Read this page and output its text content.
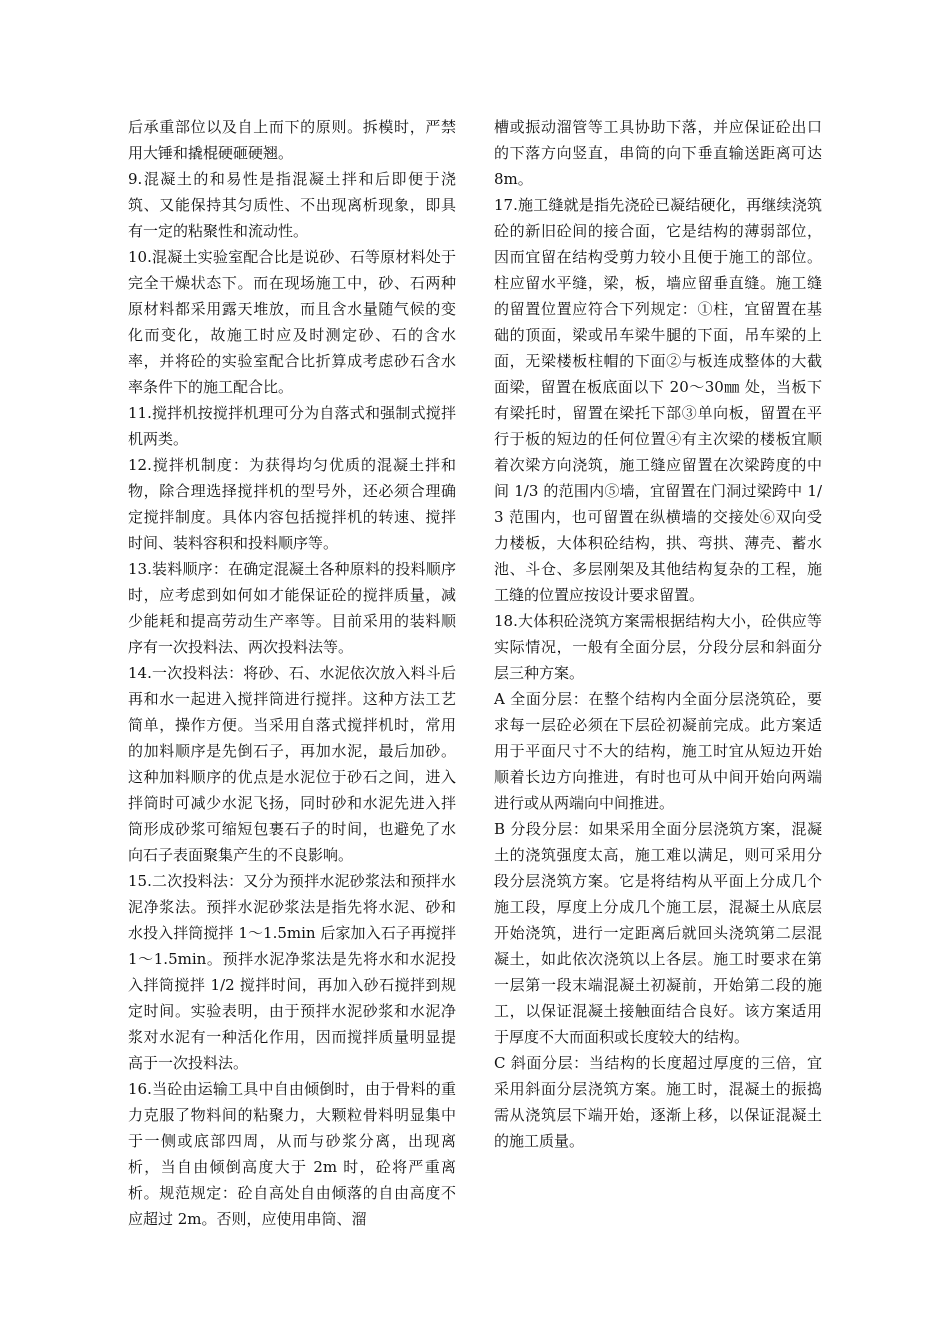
后承重部位以及自上而下的原则。拆模时，严禁用大锤和撬棍硬砸硬翘。

9.混凝土的和易性是指混凝土拌和后即便于浇筑、又能保持其匀质性、不出现离析现象，即具有一定的粘聚性和流动性。

10.混凝土实验室配合比是说砂、石等原材料处于完全干燥状态下。而在现场施工中，砂、石两种原材料都采用露天堆放，而且含水量随气候的变化而变化，故施工时应及时测定砂、石的含水率，并将砼的实验室配合比折算成考虑砂石含水率条件下的施工配合比。

11.搅拌机按搅拌机理可分为自落式和强制式搅拌机两类。

12.搅拌机制度：为获得均匀优质的混凝土拌和物，除合理选择搅拌机的型号外，还必须合理确定搅拌制度。具体内容包括搅拌机的转速、搅拌时间、装料容积和投料顺序等。

13.装料顺序：在确定混凝土各种原料的投料顺序时，应考虑到如何如才能保证砼的搅拌质量，减少能耗和提高劳动生产率等。目前采用的装料顺序有一次投料法、两次投料法等。

14.一次投料法：将砂、石、水泥依次放入料斗后再和水一起进入搅拌筒进行搅拌。这种方法工艺简单，操作方便。当采用自落式搅拌机时，常用的加料顺序是先倒石子，再加水泥，最后加砂。这种加料顺序的优点是水泥位于砂石之间，进入拌筒时可减少水泥飞扬，同时砂和水泥先进入拌筒形成砂浆可缩短包裹石子的时间，也避免了水向石子表面聚集产生的不良影响。

15.二次投料法：又分为预拌水泥砂浆法和预拌水泥净浆法。预拌水泥砂浆法是指先将水泥、砂和水投入拌筒搅拌 1～1.5min 后家加入石子再搅拌 1～1.5min。预拌水泥净浆法是先将水和水泥投入拌筒搅拌 1/2 搅拌时间，再加入砂石搅拌到规定时间。实验表明，由于预拌水泥砂浆和水泥净浆对水泥有一种活化作用，因而搅拌质量明显提高于一次投料法。

16.当砼由运输工具中自由倾倒时，由于骨料的重力克服了物料间的粘聚力，大颗粒骨料明显集中于一侧或底部四周，从而与砂浆分离，出现离析，当自由倾倒高度大于 2m 时，砼将严重离析。规范规定：砼自高处自由倾落的自由高度不应超过 2m。否则，应使用串筒、溜

槽或振动溜管等工具协助下落，并应保证砼出口的下落方向竖直，串筒的向下垂直输送距离可达 8m。

17.施工缝就是指先浇砼已凝结硬化，再继续浇筑砼的新旧砼间的接合面，它是结构的薄弱部位，因而宜留在结构受剪力较小且便于施工的部位。柱应留水平缝，梁，板，墙应留垂直缝。施工缝的留置位置应符合下列规定：①柱，宜留置在基础的顶面，梁或吊车梁牛腿的下面，吊车梁的上面，无梁楼板柱帽的下面②与板连成整体的大截面梁，留置在板底面以下 20～30㎜ 处，当板下有梁托时，留置在梁托下部③单向板，留置在平行于板的短边的任何位置④有主次梁的楼板宜顺着次梁方向浇筑，施工缝应留置在次梁跨度的中间 1/3 的范围内⑤墙，宜留置在门洞过梁跨中 1/3 范围内，也可留置在纵横墙的交接处⑥双向受力楼板，大体积砼结构，拱、弯拱、薄壳、蓄水池、斗仓、多层刚架及其他结构复杂的工程，施工缝的位置应按设计要求留置。

18.大体积砼浇筑方案需根据结构大小，砼供应等实际情况，一般有全面分层，分段分层和斜面分层三种方案。

A 全面分层：在整个结构内全面分层浇筑砼，要求每一层砼必须在下层砼初凝前完成。此方案适用于平面尺寸不大的结构，施工时宜从短边开始顺着长边方向推进，有时也可从中间开始向两端进行或从两端向中间推进。

B 分段分层：如果采用全面分层浇筑方案，混凝土的浇筑强度太高，施工难以满足，则可采用分段分层浇筑方案。它是将结构从平面上分成几个施工段，厚度上分成几个施工层，混凝土从底层开始浇筑，进行一定距离后就回头浇筑第二层混凝土，如此依次浇筑以上各层。施工时要求在第一层第一段末端混凝土初凝前，开始第二段的施工，以保证混凝土接触面结合良好。该方案适用于厚度不大而面积或长度较大的结构。

C 斜面分层：当结构的长度超过厚度的三倍，宜采用斜面分层浇筑方案。施工时，混凝土的振捣需从浇筑层下端开始，逐渐上移，以保证混凝土的施工质量。
